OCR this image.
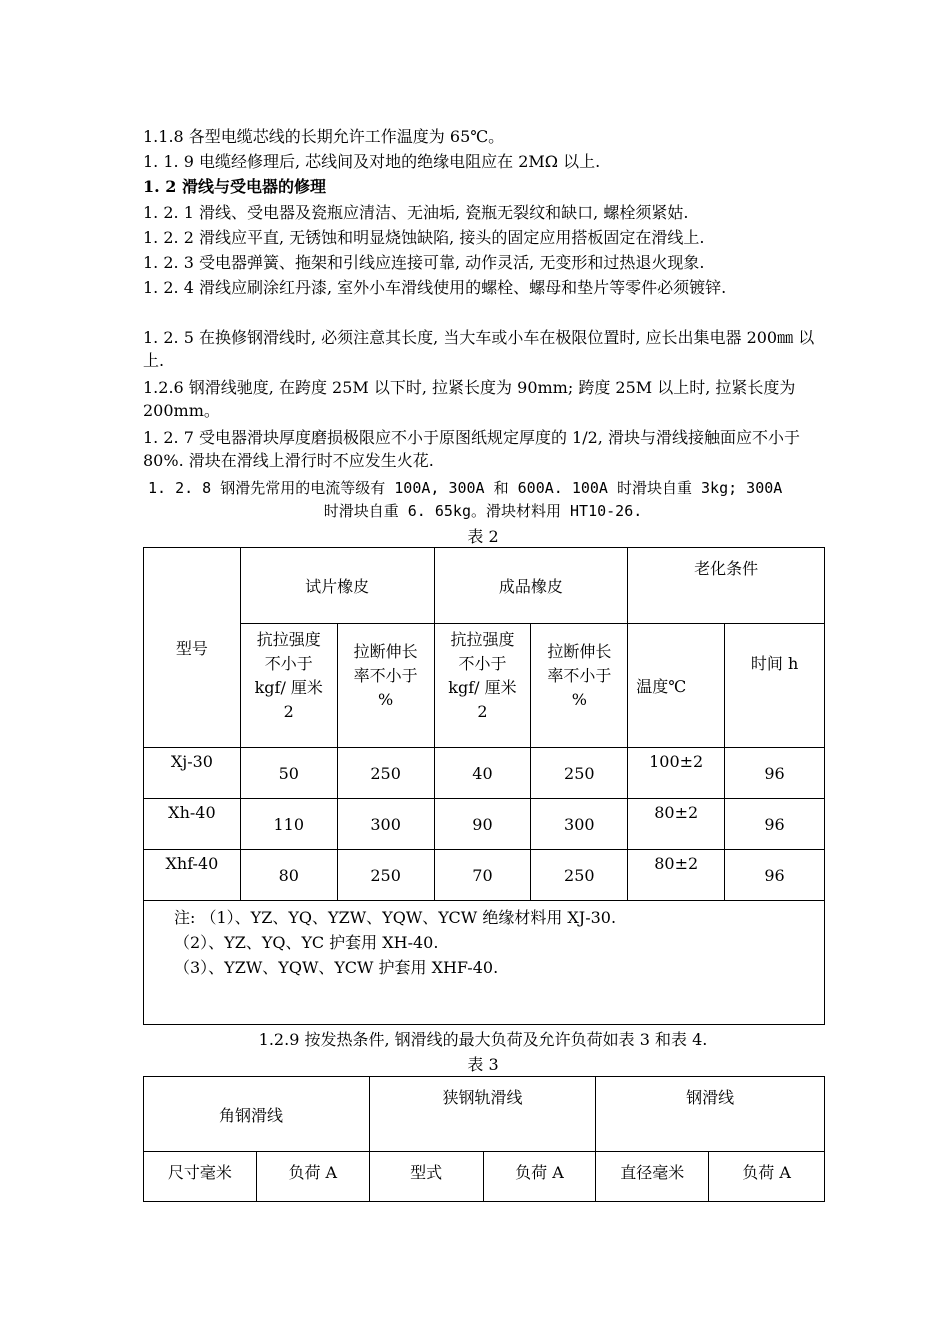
1.1.8 各型电缆芯线的长期允许工作温度为 65℃。

1. 1. 9 电缆经修理后, 芯线间及对地的绝缘电阻应在 2MΩ 以上.

1. 2 滑线与受电器的修理

1. 2. 1 滑线、受电器及瓷瓶应清洁、无油垢, 瓷瓶无裂纹和缺口, 螺栓须紧姑.

1. 2. 2 滑线应平直, 无锈蚀和明显烧蚀缺陷, 接头的固定应用搭板固定在滑线上.

1. 2. 3 受电器弹簧、拖架和引线应连接可靠, 动作灵活, 无变形和过热退火现象.

1. 2. 4 滑线应刷涂红丹漆, 室外小车滑线使用的螺栓、螺母和垫片等零件必须镀锌.

1. 2. 5 在换修钢滑线时, 必须注意其长度, 当大车或小车在极限位置时, 应长出集电器 200㎜ 以上.

1.2.6 钢滑线驰度, 在跨度 25M 以下时, 拉紧长度为 90mm; 跨度 25M 以上时, 拉紧长度为 200mm。

1. 2. 7 受电器滑块厚度磨损极限应不小于原图纸规定厚度的 1/2, 滑块与滑线接触面应不小于 80%. 滑块在滑线上滑行时不应发生火花.

1. 2. 8 钢滑先常用的电流等级有 100A, 300A 和 600A. 100A 时滑块自重 3kg; 300A

时滑块自重 6. 65kg。滑块材料用 HT10-26.

表 2

型号	试片橡皮		成品橡皮		老化条件	
	抗拉强度不小于 kgf/ 厘米 2	拉断伸长率不小于 %	抗拉强度不小于 kgf/ 厘米 2	拉断伸长率不小于 %	温度℃	时间 h
Xj-30	50	250	40	250	100±2	96
Xh-40	110	300	90	300	80±2	96
Xhf-40	80	250	70	250	80±2	96

注: （1）、YZ、YQ、YZW、YQW、YCW 绝缘材料用 XJ-30.
（2）、YZ、YQ、YC 护套用 XH-40.
（3）、YZW、YQW、YCW 护套用 XHF-40.						

1.2.9 按发热条件, 钢滑线的最大负荷及允许负荷如表 3 和表 4.

表 3

角钢滑线		狭钢轨滑线		钢滑线	
尺寸毫米	负荷 A	型式	负荷 A	直径毫米	负荷 A
